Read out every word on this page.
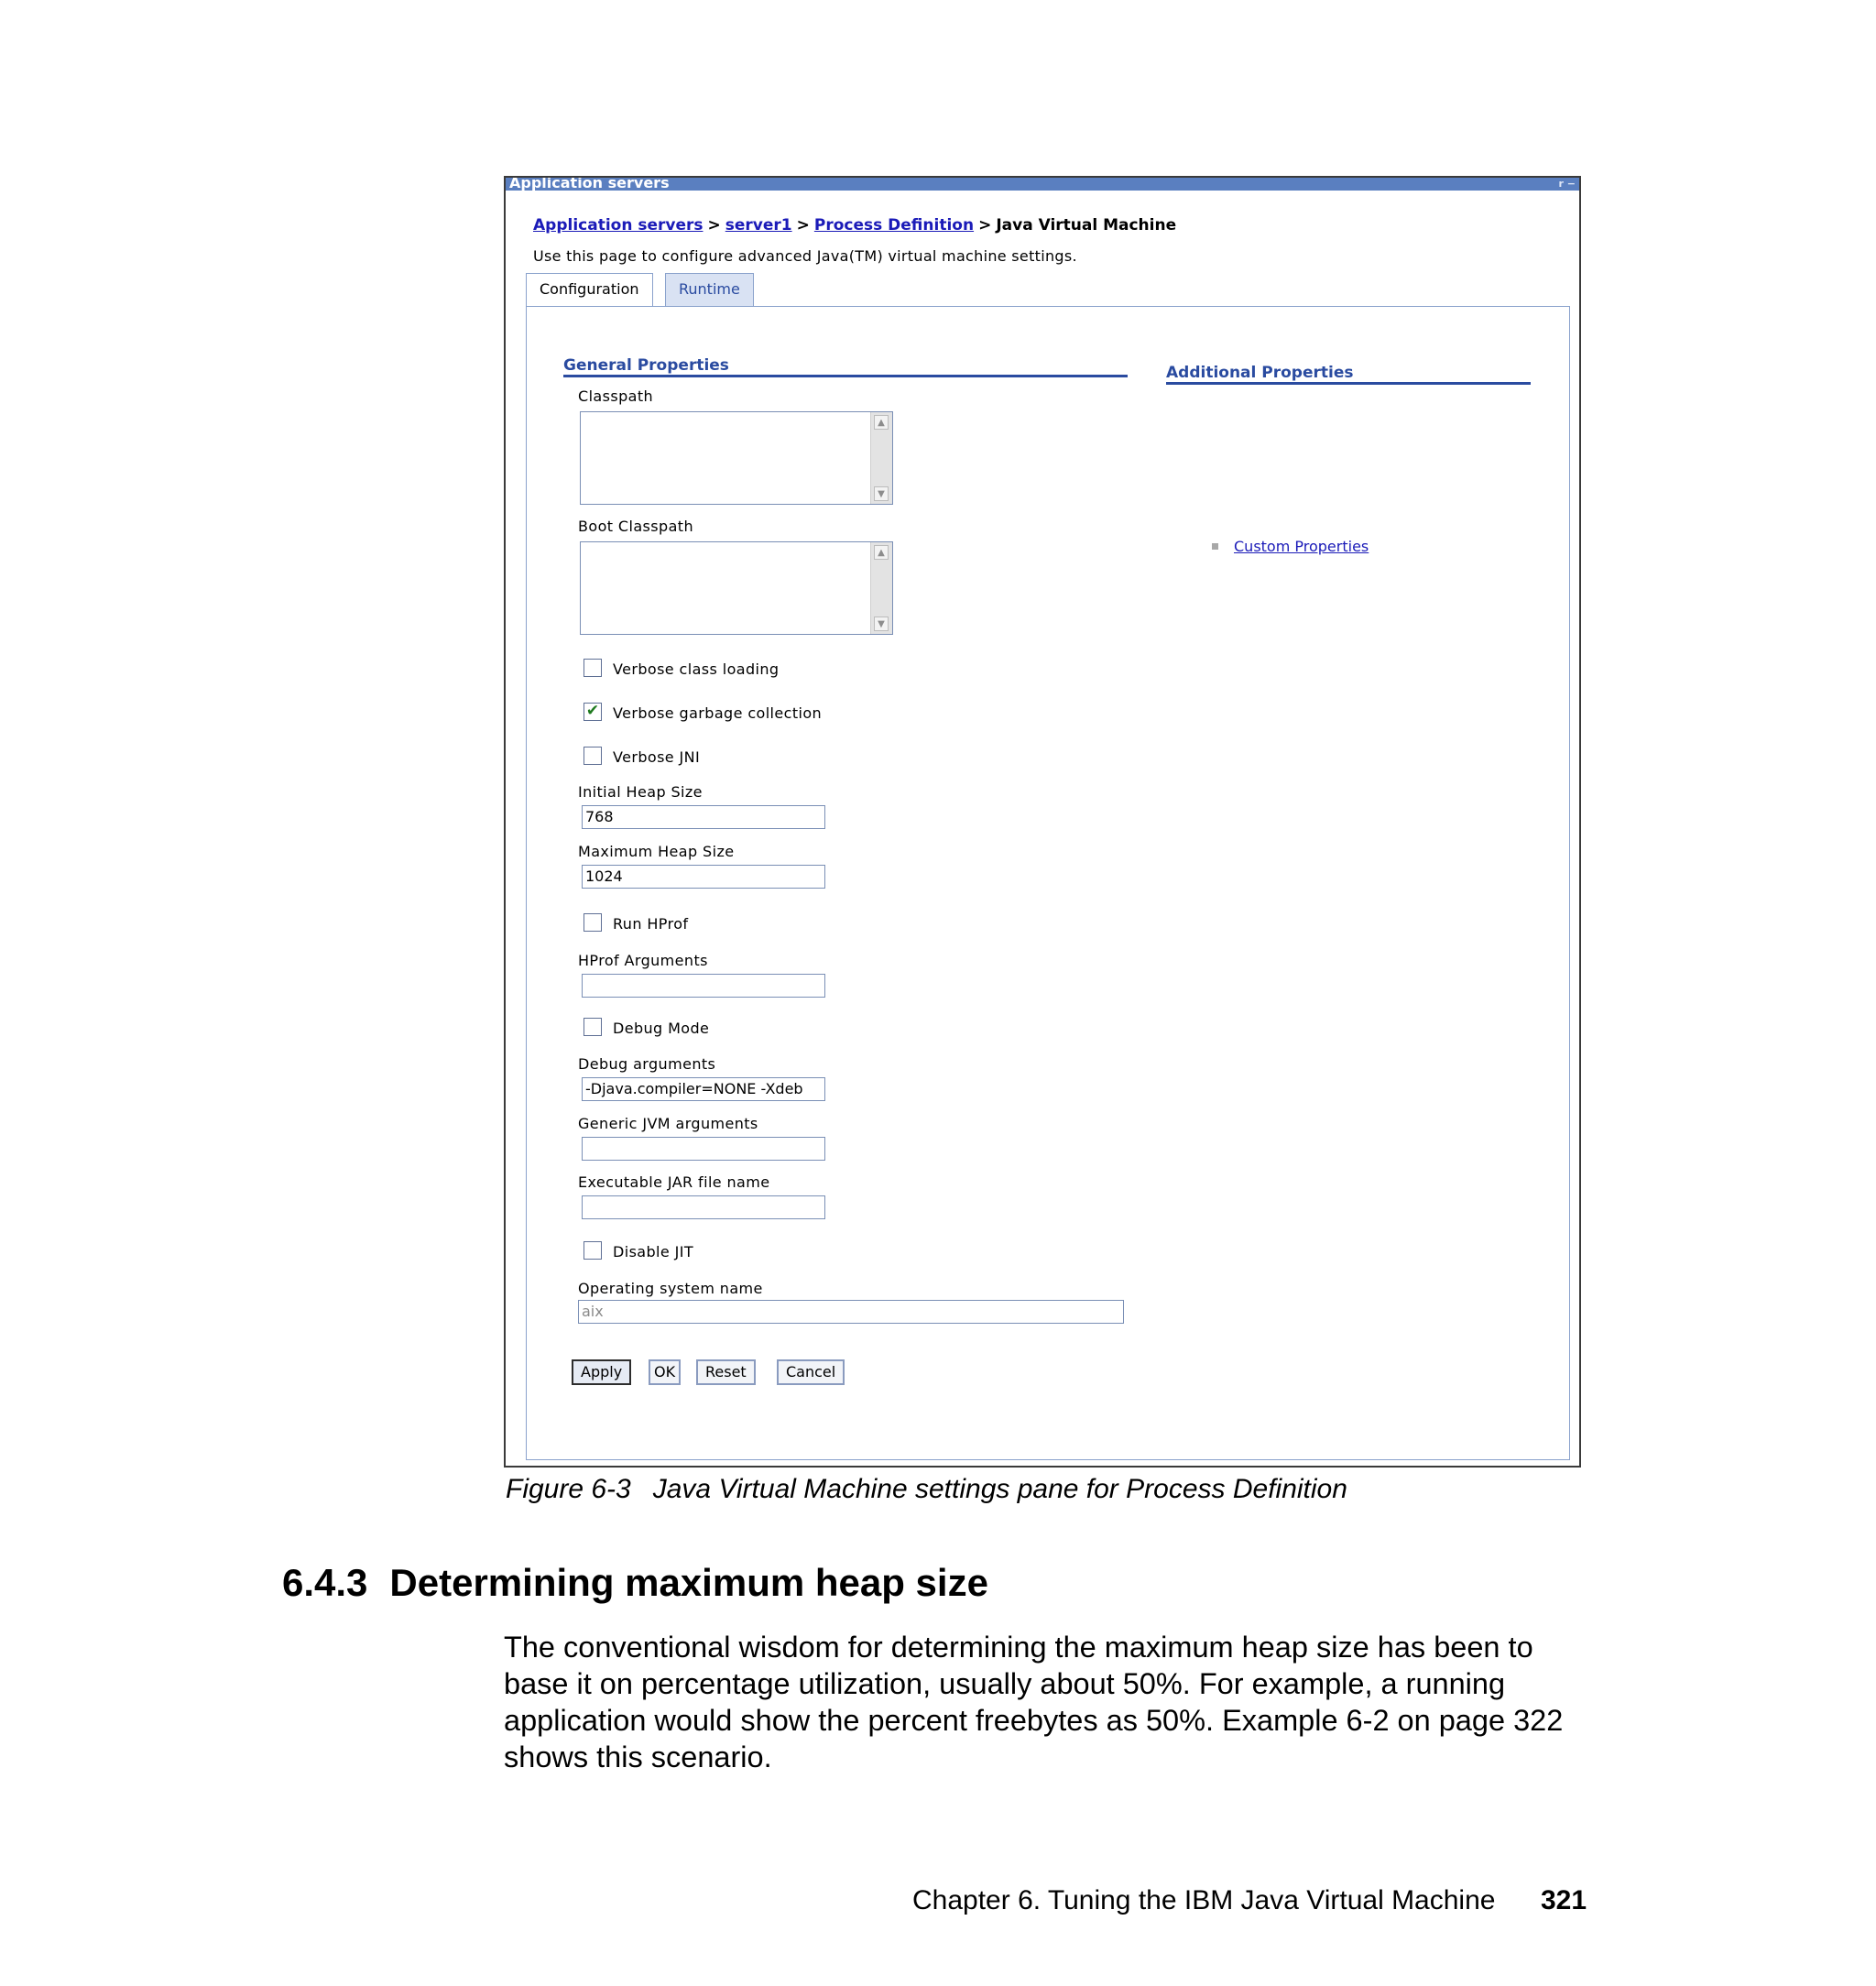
Application servers	r −
Application servers > server1 > Process Definition > Java Virtual Machine
Use this page to configure advanced Java(TM) virtual machine settings.
Configuration	Runtime
General Properties
Classpath
▲
▼
Boot Classpath
▲
▼
Verbose class loading
✔ Verbose garbage collection
Verbose JNI
Initial Heap Size
768
Maximum Heap Size
1024
Run HProf
HProf Arguments
Debug Mode
Debug arguments
-Djava.compiler=NONE -Xdeb
Generic JVM arguments
Executable JAR file name
Disable JIT
Operating system name
aix
Additional Properties
Custom Properties
Apply	OK	Reset	Cancel
Figure 6-3 Java Virtual Machine settings pane for Process Definition
6.4.3 Determining maximum heap size
The conventional wisdom for determining the maximum heap size has been to
base it on percentage utilization, usually about 50%. For example, a running
application would show the percent freebytes as 50%. Example 6-2 on page 322
shows this scenario.
Chapter 6. Tuning the IBM Java Virtual Machine 321
